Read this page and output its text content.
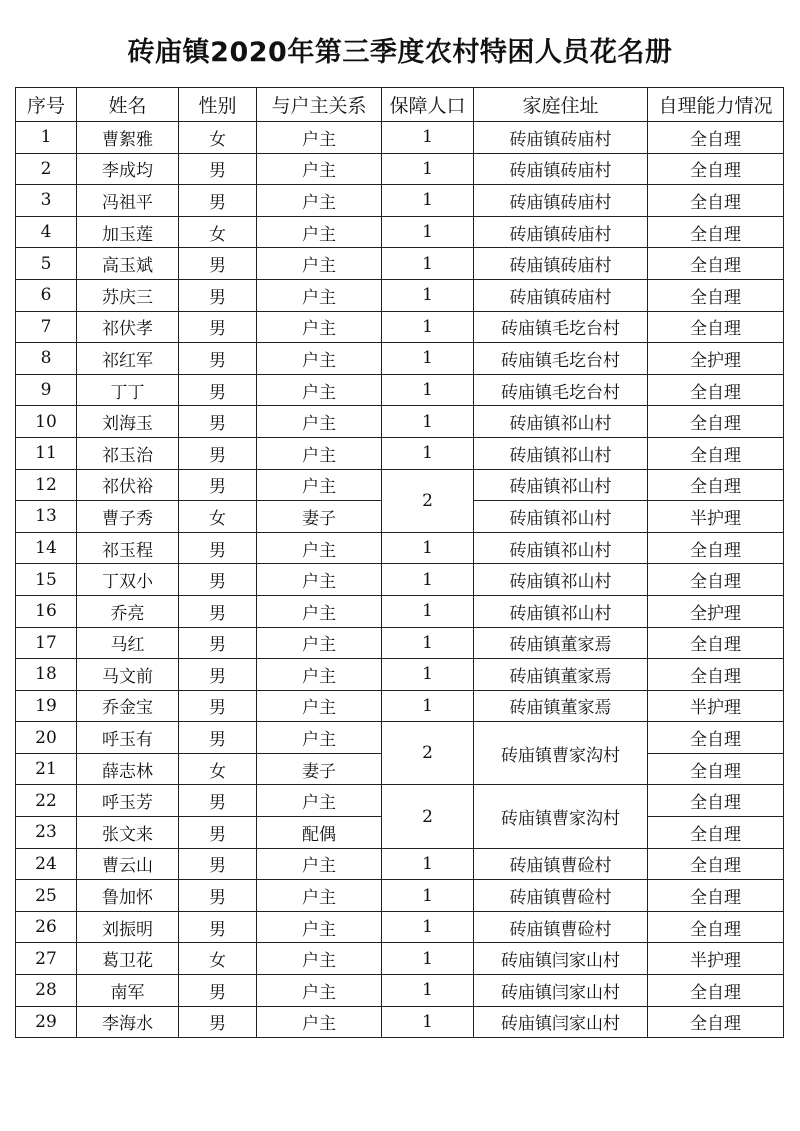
砖庙镇2020年第三季度农村特困人员花名册
序号	姓名	性别	与户主关系	保障人口	家庭住址	自理能力情况
1	曹絮雅	女	户主	1	砖庙镇砖庙村	全自理
2	李成均	男	户主	1	砖庙镇砖庙村	全自理
3	冯祖平	男	户主	1	砖庙镇砖庙村	全自理
4	加玉莲	女	户主	1	砖庙镇砖庙村	全自理
5	高玉斌	男	户主	1	砖庙镇砖庙村	全自理
6	苏庆三	男	户主	1	砖庙镇砖庙村	全自理
7	祁伏孝	男	户主	1	砖庙镇毛圪台村	全自理
8	祁红军	男	户主	1	砖庙镇毛圪台村	全护理
9	丁丁	男	户主	1	砖庙镇毛圪台村	全自理
10	刘海玉	男	户主	1	砖庙镇祁山村	全自理
11	祁玉治	男	户主	1	砖庙镇祁山村	全自理
12	祁伏裕	男	户主	2	砖庙镇祁山村	全自理
13	曹子秀	女	妻子		砖庙镇祁山村	半护理
14	祁玉程	男	户主	1	砖庙镇祁山村	全自理
15	丁双小	男	户主	1	砖庙镇祁山村	全自理
16	乔亮	男	户主	1	砖庙镇祁山村	全护理
17	马红	男	户主	1	砖庙镇董家焉	全自理
18	马文前	男	户主	1	砖庙镇董家焉	全自理
19	乔金宝	男	户主	1	砖庙镇董家焉	半护理
20	呼玉有	男	户主	2	砖庙镇曹家沟村	全自理
21	薛志林	女	妻子			全自理
22	呼玉芳	男	户主	2	砖庙镇曹家沟村	全自理
23	张文来	男	配偶			全自理
24	曹云山	男	户主	1	砖庙镇曹硷村	全自理
25	鲁加怀	男	户主	1	砖庙镇曹硷村	全自理
26	刘振明	男	户主	1	砖庙镇曹硷村	全自理
27	葛卫花	女	户主	1	砖庙镇闫家山村	半护理
28	南军	男	户主	1	砖庙镇闫家山村	全自理
29	李海水	男	户主	1	砖庙镇闫家山村	全自理
